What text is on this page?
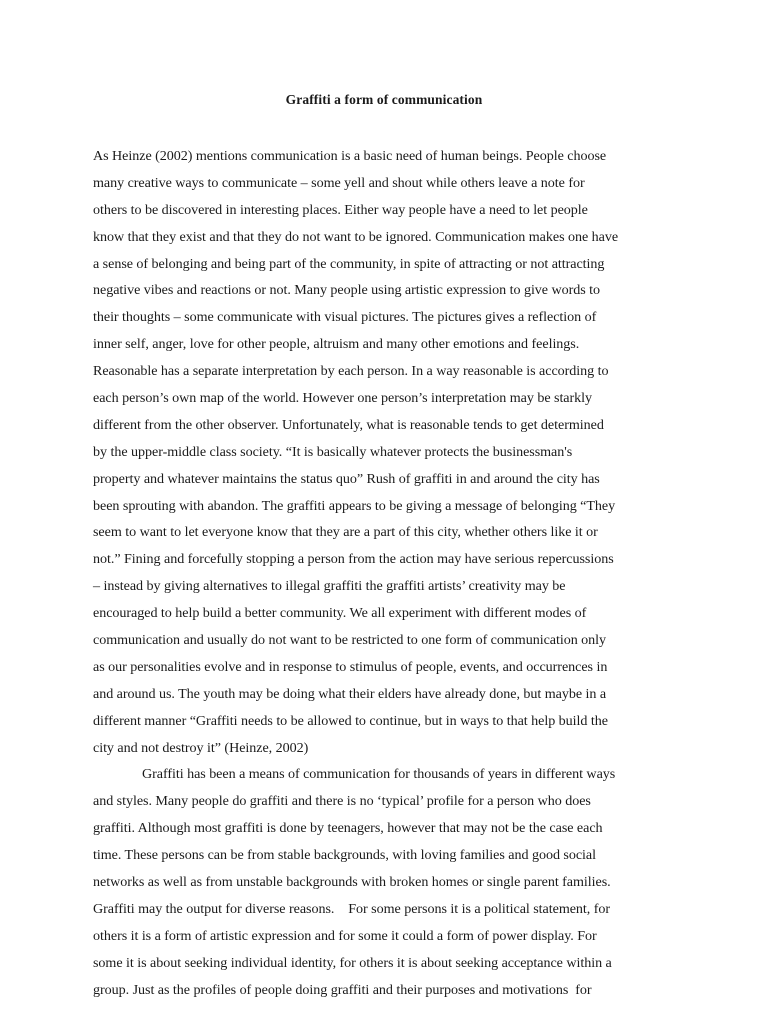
Graffiti a form of communication
As Heinze (2002) mentions communication is a basic need of human beings. People choose
many creative ways to communicate – some yell and shout while others leave a note for
others to be discovered in interesting places. Either way people have a need to let people
know that they exist and that they do not want to be ignored. Communication makes one have
a sense of belonging and being part of the community, in spite of attracting or not attracting
negative vibes and reactions or not. Many people using artistic expression to give words to
their thoughts – some communicate with visual pictures. The pictures gives a reflection of
inner self, anger, love for other people, altruism and many other emotions and feelings.
Reasonable has a separate interpretation by each person. In a way reasonable is according to
each person’s own map of the world. However one person’s interpretation may be starkly
different from the other observer. Unfortunately, what is reasonable tends to get determined
by the upper-middle class society. “It is basically whatever protects the businessman's
property and whatever maintains the status quo” Rush of graffiti in and around the city has
been sprouting with abandon. The graffiti appears to be giving a message of belonging “They
seem to want to let everyone know that they are a part of this city, whether others like it or
not.” Fining and forcefully stopping a person from the action may have serious repercussions
– instead by giving alternatives to illegal graffiti the graffiti artists’ creativity may be
encouraged to help build a better community. We all experiment with different modes of
communication and usually do not want to be restricted to one form of communication only
as our personalities evolve and in response to stimulus of people, events, and occurrences in
and around us. The youth may be doing what their elders have already done, but maybe in a
different manner “Graffiti needs to be allowed to continue, but in ways to that help build the
city and not destroy it” (Heinze, 2002)
Graffiti has been a means of communication for thousands of years in different ways
and styles. Many people do graffiti and there is no ‘typical’ profile for a person who does
graffiti. Although most graffiti is done by teenagers, however that may not be the case each
time. These persons can be from stable backgrounds, with loving families and good social
networks as well as from unstable backgrounds with broken homes or single parent families.
Graffiti may the output for diverse reasons.    For some persons it is a political statement, for
others it is a form of artistic expression and for some it could a form of power display. For
some it is about seeking individual identity, for others it is about seeking acceptance within a
group. Just as the profiles of people doing graffiti and their purposes and motivations  for
